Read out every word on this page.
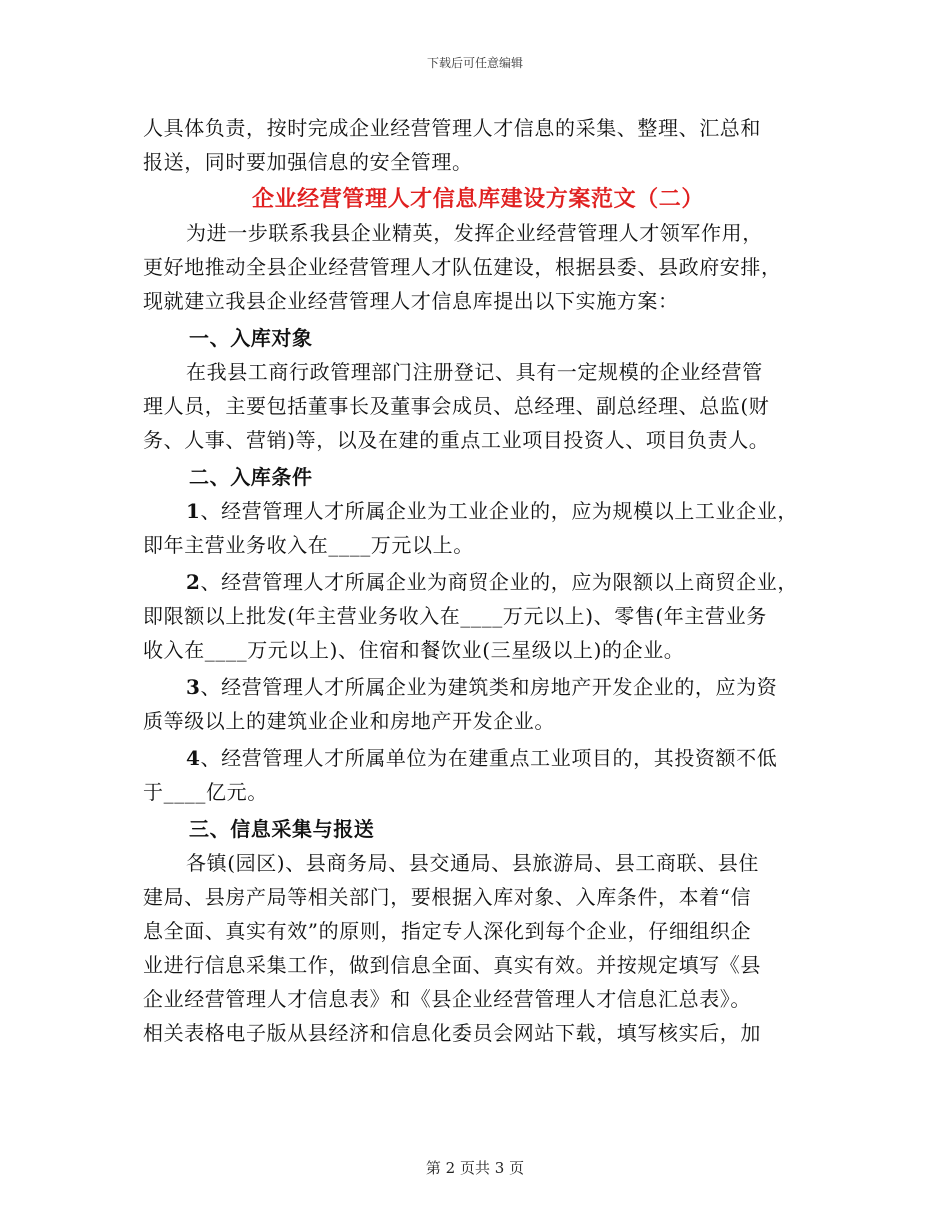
下载后可任意编辑
人具体负责，按时完成企业经营管理人才信息的采集、整理、汇总和
报送，同时要加强信息的安全管理。
企业经营管理人才信息库建设方案范文（二）
为进一步联系我县企业精英，发挥企业经营管理人才领军作用，
更好地推动全县企业经营管理人才队伍建设，根据县委、县政府安排，
现就建立我县企业经营管理人才信息库提出以下实施方案：
一、入库对象
在我县工商行政管理部门注册登记、具有一定规模的企业经营管
理人员，主要包括董事长及董事会成员、总经理、副总经理、总监(财
务、人事、营销)等，以及在建的重点工业项目投资人、项目负责人。
二、入库条件
1、经营管理人才所属企业为工业企业的，应为规模以上工业企业，
即年主营业务收入在____万元以上。
2、经营管理人才所属企业为商贸企业的，应为限额以上商贸企业，
即限额以上批发(年主营业务收入在____万元以上)、零售(年主营业务
收入在____万元以上)、住宿和餐饮业(三星级以上)的企业。
3、经营管理人才所属企业为建筑类和房地产开发企业的，应为资
质等级以上的建筑业企业和房地产开发企业。
4、经营管理人才所属单位为在建重点工业项目的，其投资额不低
于____亿元。
三、信息采集与报送
各镇(园区)、县商务局、县交通局、县旅游局、县工商联、县住
建局、县房产局等相关部门，要根据入库对象、入库条件，本着“信
息全面、真实有效”的原则，指定专人深化到每个企业，仔细组织企
业进行信息采集工作，做到信息全面、真实有效。并按规定填写《县
企业经营管理人才信息表》和《县企业经营管理人才信息汇总表》。
相关表格电子版从县经济和信息化委员会网站下载，填写核实后，加
第 2 页共 3 页
